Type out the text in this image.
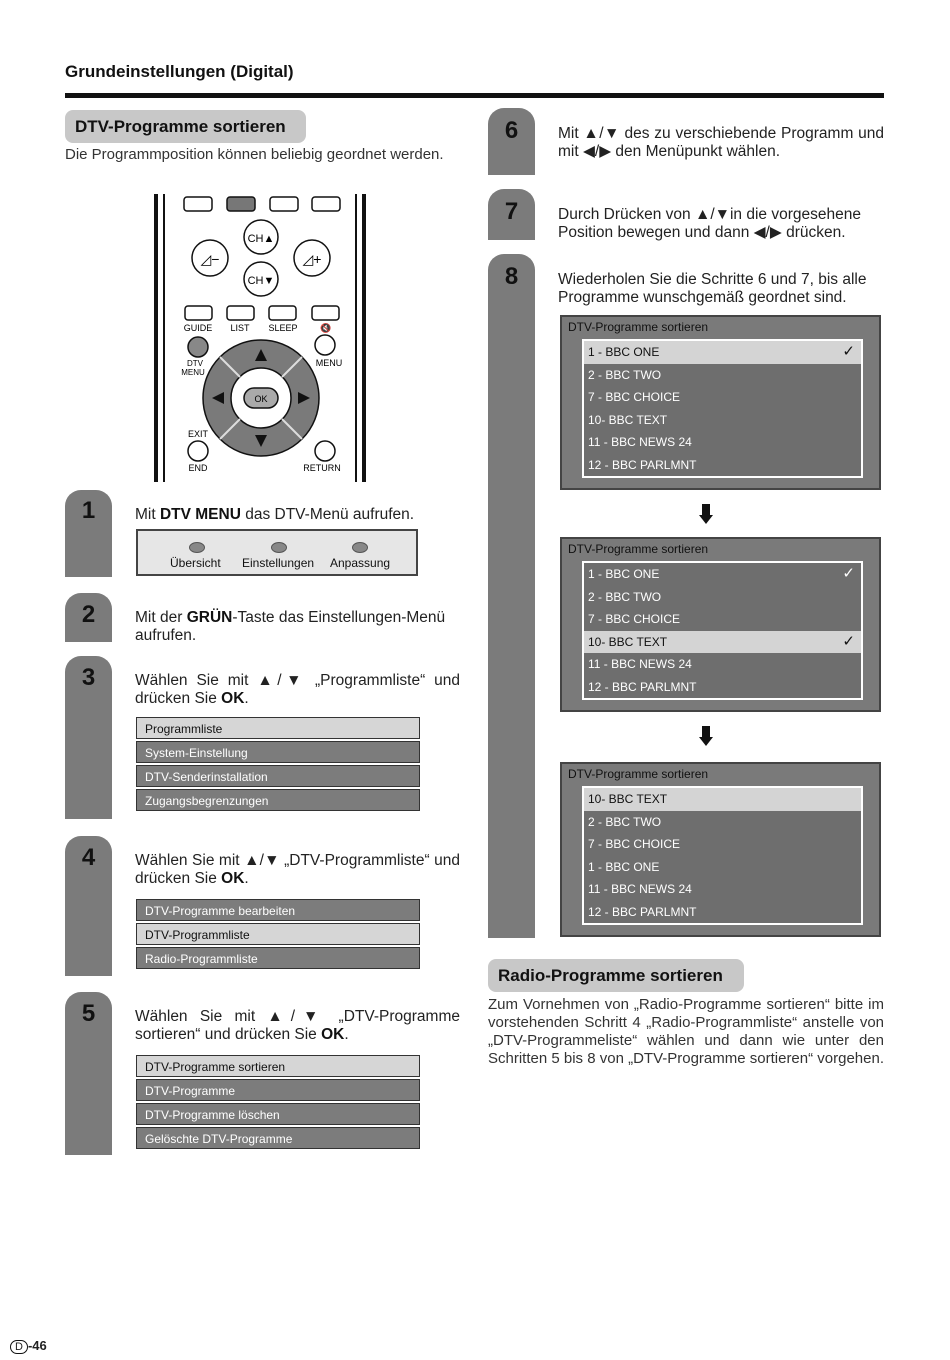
Grundeinstellungen (Digital)
DTV-Programme sortieren
Die Programmposition können beliebig geordnet werden.
CH▲
CH▼
◿−	◿+
GUIDE LIST SLEEP	🔇
DTV
MENU
MENU
OK
EXIT
END	RETURN
1	Mit DTV MENU das DTV-Menü aufrufen.
Übersicht Einstellungen Anpassung
2	Mit der GRÜN-Taste das Einstellungen-Menü aufrufen.
3	Wählen Sie mit ▲/▼ „Programmliste“ und drücken Sie OK.
Programmliste
System-Einstellung
DTV-Senderinstallation
Zugangsbegrenzungen
4	Wählen Sie mit ▲/▼ „DTV-Programmliste“ und drücken Sie OK.
DTV-Programme bearbeiten
DTV-Programmliste
Radio-Programmliste
5	Wählen Sie mit ▲/▼ „DTV-Programme sortieren“ und drücken Sie OK.
DTV-Programme sortieren
DTV-Programme
DTV-Programme löschen
Gelöschte DTV-Programme
6	Mit ▲/▼ des zu verschiebende Programm und mit ◀/▶ den Menüpunkt wählen.
7	Durch Drücken von ▲/▼in die vorgesehene Position bewegen und dann ◀/▶ drücken.
8	Wiederholen Sie die Schritte 6 und 7, bis alle Programme wunschgemäß geordnet sind.
DTV-Programme sortieren
1 - BBC ONE	✓
2 - BBC TWO
7 - BBC CHOICE
10- BBC TEXT
11 - BBC NEWS 24
12 - BBC PARLMNT
DTV-Programme sortieren
1 - BBC ONE	✓
2 - BBC TWO
7 - BBC CHOICE
10- BBC TEXT	✓
11 - BBC NEWS 24
12 - BBC PARLMNT
DTV-Programme sortieren
10- BBC TEXT
2 - BBC TWO
7 - BBC CHOICE
1 - BBC ONE
11 - BBC NEWS 24
12 - BBC PARLMNT
Radio-Programme sortieren
Zum Vornehmen von „Radio-Programme sortieren“ bitte im vorstehenden Schritt 4 „Radio-Programmliste“ anstelle von „DTV-Programmeliste“ wählen und dann wie unter den Schritten 5 bis 8 von „DTV-Programme sortieren“ vorgehen.
D -46
